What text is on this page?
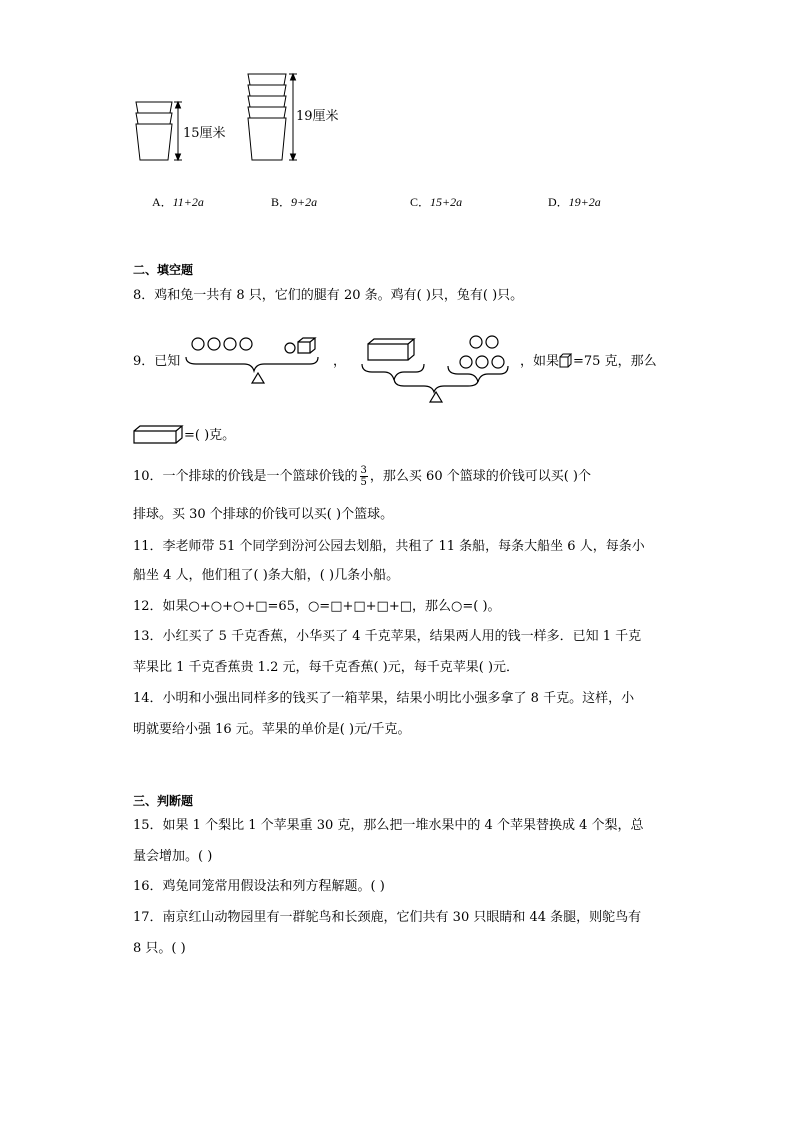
15厘米
19厘米
A．11+2a	B．9+2a	C．15+2a	D．19+2a
二、填空题
8．鸡和兔一共有 8 只，它们的腿有 20 条。鸡有( )只，兔有( )只。
9．已知	，	，如果 =75 克，那么
=( )克。
10．一个排球的价钱是一个篮球价钱的 $\frac{3}{5}$ ，那么买 60 个篮球的价钱可以买( )个
排球。买 30 个排球的价钱可以买( )个篮球。
11．李老师带 51 个同学到汾河公园去划船，共租了 11 条船，每条大船坐 6 人，每条小
船坐 4 人，他们租了( )条大船，( )几条小船。
12．如果○+○+○+□=65，○=□+□+□+□，那么○=( )。
13．小红买了 5 千克香蕉，小华买了 4 千克苹果，结果两人用的钱一样多．已知 1 千克
苹果比 1 千克香蕉贵 1.2 元，每千克香蕉( )元，每千克苹果( )元．
14．小明和小强出同样多的钱买了一箱苹果，结果小明比小强多拿了 8 千克。这样，小
明就要给小强 16 元。苹果的单价是( )元/千克。
三、判断题
15．如果 1 个梨比 1 个苹果重 30 克，那么把一堆水果中的 4 个苹果替换成 4 个梨，总
量会增加。( )
16．鸡兔同笼常用假设法和列方程解题。( )
17．南京红山动物园里有一群鸵鸟和长颈鹿，它们共有 30 只眼睛和 44 条腿，则鸵鸟有
8 只。( )
